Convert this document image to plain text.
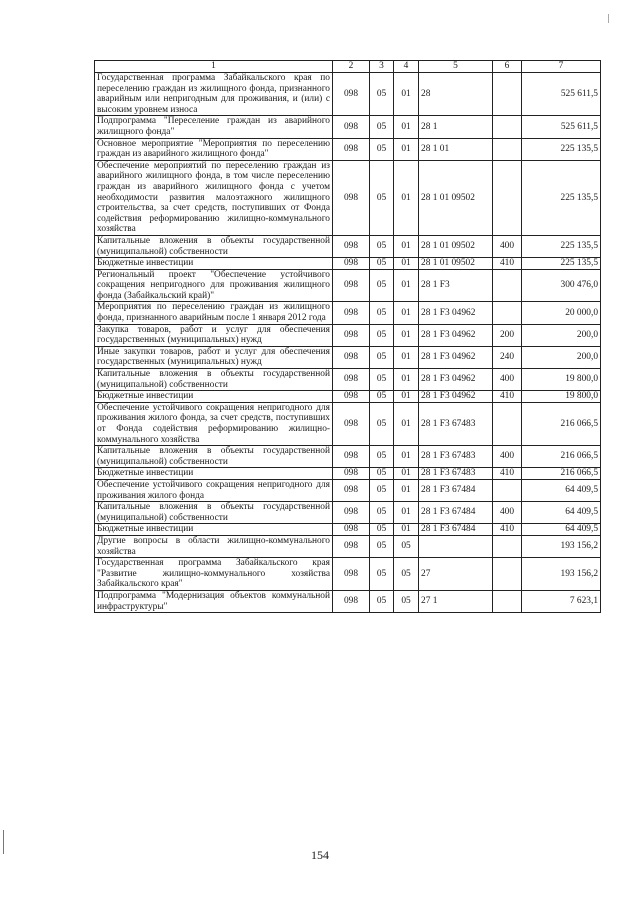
1	2	3	4	5	6	7
Государственная программа Забайкальского края по переселению граждан из жилищного фонда, признанного аварийным или непригодным для проживания, и (или) с высоким уровнем износа	098	05	01	28		525 611,5
Подпрограмма "Переселение граждан из аварийного жилищного фонда"	098	05	01	28 1		525 611,5
Основное мероприятие "Мероприятия по переселению граждан из аварийного жилищного фонда"	098	05	01	28 1 01		225 135,5
Обеспечение мероприятий по переселению граждан из аварийного жилищного фонда, в том числе переселению граждан из аварийного жилищного фонда с учетом необходимости развития малоэтажного жилищного строительства, за счет средств, поступивших от Фонда содействия реформированию жилищно-коммунального хозяйства	098	05	01	28 1 01 09502		225 135,5
Капитальные вложения в объекты государственной (муниципальной) собственности	098	05	01	28 1 01 09502	400	225 135,5
Бюджетные инвестиции	098	05	01	28 1 01 09502	410	225 135,5
Региональный проект "Обеспечение устойчивого сокращения непригодного для проживания жилищного фонда (Забайкальский край)"	098	05	01	28 1 F3		300 476,0
Мероприятия по переселению граждан из жилищного фонда, признанного аварийным после 1 января 2012 года	098	05	01	28 1 F3 04962		20 000,0
Закупка товаров, работ и услуг для обеспечения государственных (муниципальных) нужд	098	05	01	28 1 F3 04962	200	200,0
Иные закупки товаров, работ и услуг для обеспечения государственных (муниципальных) нужд	098	05	01	28 1 F3 04962	240	200,0
Капитальные вложения в объекты государственной (муниципальной) собственности	098	05	01	28 1 F3 04962	400	19 800,0
Бюджетные инвестиции	098	05	01	28 1 F3 04962	410	19 800,0
Обеспечение устойчивого сокращения непригодного для проживания жилого фонда, за счет средств, поступивших от Фонда содействия реформированию жилищно-коммунального хозяйства	098	05	01	28 1 F3 67483		216 066,5
Капитальные вложения в объекты государственной (муниципальной) собственности	098	05	01	28 1 F3 67483	400	216 066,5
Бюджетные инвестиции	098	05	01	28 1 F3 67483	410	216 066,5
Обеспечение устойчивого сокращения непригодного для проживания жилого фонда	098	05	01	28 1 F3 67484		64 409,5
Капитальные вложения в объекты государственной (муниципальной) собственности	098	05	01	28 1 F3 67484	400	64 409,5
Бюджетные инвестиции	098	05	01	28 1 F3 67484	410	64 409,5
Другие вопросы в области жилищно-коммунального хозяйства	098	05	05			193 156,2
Государственная программа Забайкальского края "Развитие жилищно-коммунального хозяйства Забайкальского края"	098	05	05	27		193 156,2
Подпрограмма "Модернизация объектов коммунальной инфраструктуры"	098	05	05	27 1		7 623,1
154
